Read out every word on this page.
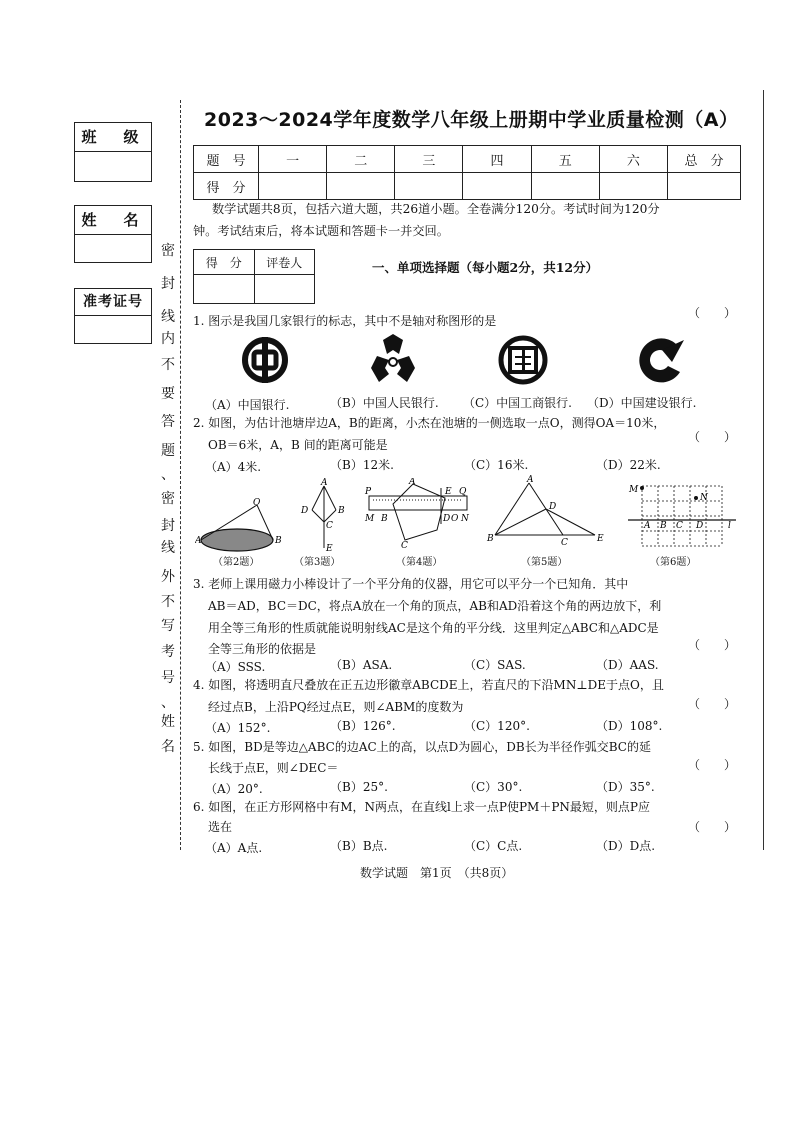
班　级
姓　名
准考证号
密
封
线
内
不
要
答
题
、
密
封
线
外
不
写
考
号
、
姓
名
2023～2024学年度数学八年级上册期中学业质量检测（A）
题　号	一	二	三	四	五	六	总　分
得　分							
数学试题共8页，包括六道大题，共26道小题。全卷满分120分。考试时间为120分
钟。考试结束后，将本试题和答题卡一并交回。
得　分	评卷人
		一、单项选择题（每小题2分，共12分）
（　　）
1. 图示是我国几家银行的标志，其中不是轴对称图形的是
（A）中国银行.	（B）中国人民银行. （C）中国工商银行. （D）中国建设银行.
2. 如图，为估计池塘岸边A，B的距离，小杰在池塘的一侧选取一点O，测得OA＝10米，
（　　）
OB＝6米，A，B 间的距离可能是
（A）4米.	（B）12米.	（C）16米.	（D）22米.
O
A	B
A
D	B
C
E
P
A
E Q
M B	D O N
C
A
D
B	C	E
M
N
A B C D	l
（第2题）	（第3题）	（第4题）	（第5题）	（第6题）
3. 老师上课用磁力小棒设计了一个平分角的仪器，用它可以平分一个已知角．其中
AB＝AD，BC＝DC，将点A放在一个角的顶点，AB和AD沿着这个角的两边放下，利
用全等三角形的性质就能说明射线AC是这个角的平分线．这里判定△ABC和△ADC是
全等三角形的依据是	（　　）
（A）SSS.	（B）ASA.	（C）SAS.	（D）AAS.
4. 如图，将透明直尺叠放在正五边形徽章ABCDE上，若直尺的下沿MN⊥DE于点O，且
经过点B，上沿PQ经过点E，则∠ABM的度数为	（　　）
（A）152°.	（B）126°.	（C）120°.	（D）108°.
5. 如图，BD是等边△ABC的边AC上的高，以点D为圆心，DB长为半径作弧交BC的延
长线于点E，则∠DEC＝	（　　）
（A）20°.	（B）25°.	（C）30°.	（D）35°.
6. 如图，在正方形网格中有M，N两点，在直线l上求一点P使PM＋PN最短，则点P应
选在	（　　）
（A）A点.	（B）B点.	（C）C点.	（D）D点.
数学试题　第1页　（共8页）
